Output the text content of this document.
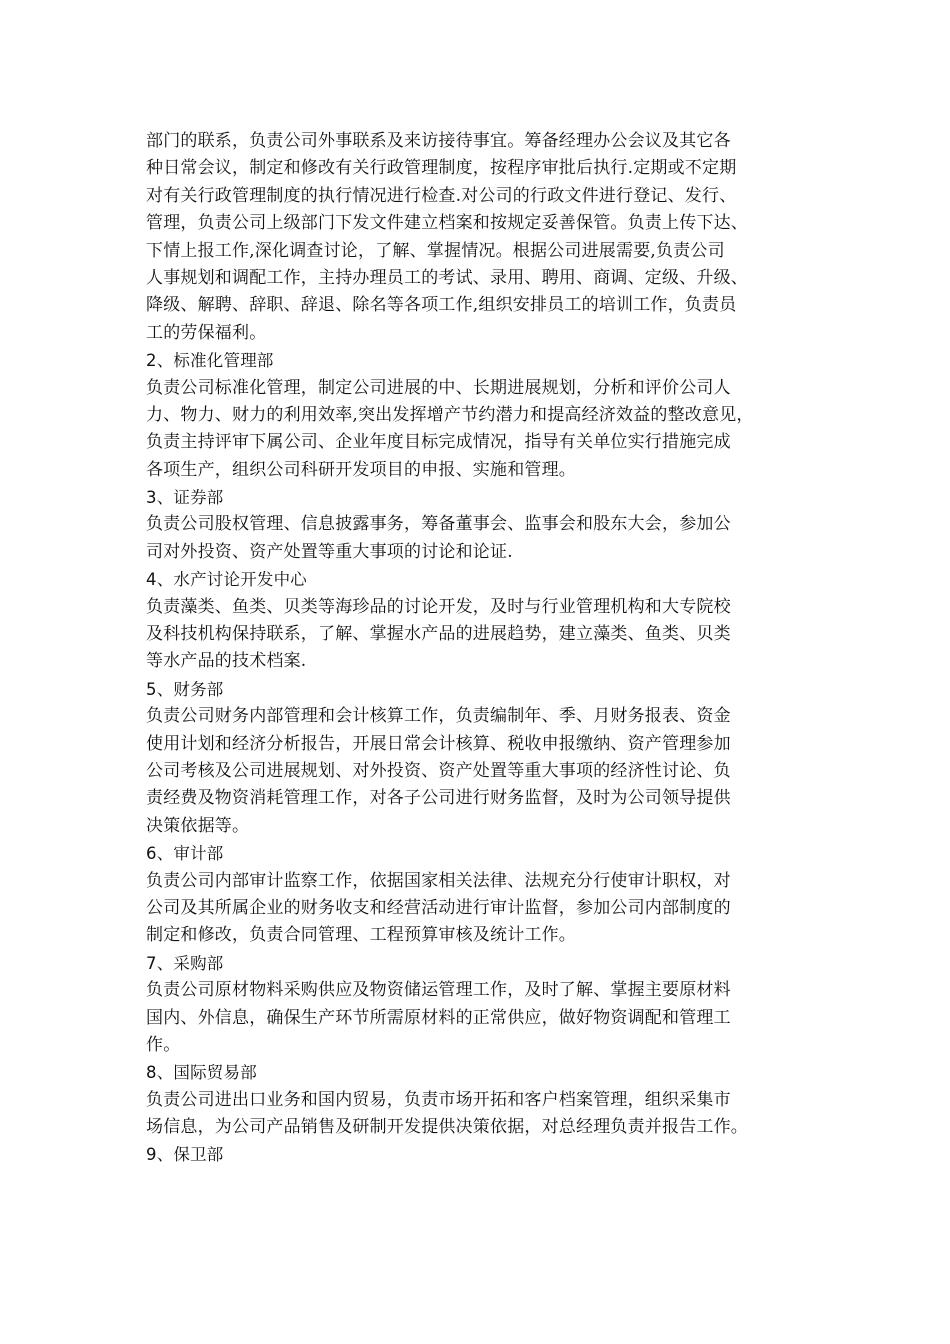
部门的联系，负责公司外事联系及来访接待事宜。筹备经理办公会议及其它各
种日常会议，制定和修改有关行政管理制度，按程序审批后执行.定期或不定期
对有关行政管理制度的执行情况进行检查.对公司的行政文件进行登记、发行、
管理，负责公司上级部门下发文件建立档案和按规定妥善保管。负责上传下达、
下情上报工作,深化调查讨论，了解、掌握情况。根据公司进展需要,负责公司
人事规划和调配工作，主持办理员工的考试、录用、聘用、商调、定级、升级、
降级、解聘、辞职、辞退、除名等各项工作,组织安排员工的培训工作，负责员
工的劳保福利。
2、标准化管理部
负责公司标准化管理，制定公司进展的中、长期进展规划，分析和评价公司人
力、物力、财力的利用效率,突出发挥增产节约潜力和提高经济效益的整改意见，
负责主持评审下属公司、企业年度目标完成情况，指导有关单位实行措施完成
各项生产，组织公司科研开发项目的申报、实施和管理。
3、证券部
负责公司股权管理、信息披露事务，筹备董事会、监事会和股东大会，参加公
司对外投资、资产处置等重大事项的讨论和论证.
4、水产讨论开发中心
负责藻类、鱼类、贝类等海珍品的讨论开发，及时与行业管理机构和大专院校
及科技机构保持联系，了解、掌握水产品的进展趋势，建立藻类、鱼类、贝类
等水产品的技术档案.
5、财务部
负责公司财务内部管理和会计核算工作，负责编制年、季、月财务报表、资金
使用计划和经济分析报告，开展日常会计核算、税收申报缴纳、资产管理参加
公司考核及公司进展规划、对外投资、资产处置等重大事项的经济性讨论、负
责经费及物资消耗管理工作，对各子公司进行财务监督，及时为公司领导提供
决策依据等。
6、审计部
负责公司内部审计监察工作，依据国家相关法律、法规充分行使审计职权，对
公司及其所属企业的财务收支和经营活动进行审计监督，参加公司内部制度的
制定和修改，负责合同管理、工程预算审核及统计工作。
7、采购部
负责公司原材物料采购供应及物资储运管理工作，及时了解、掌握主要原材料
国内、外信息，确保生产环节所需原材料的正常供应，做好物资调配和管理工
作。
8、国际贸易部
负责公司进出口业务和国内贸易，负责市场开拓和客户档案管理，组织采集市
场信息，为公司产品销售及研制开发提供决策依据，对总经理负责并报告工作。
9、保卫部
